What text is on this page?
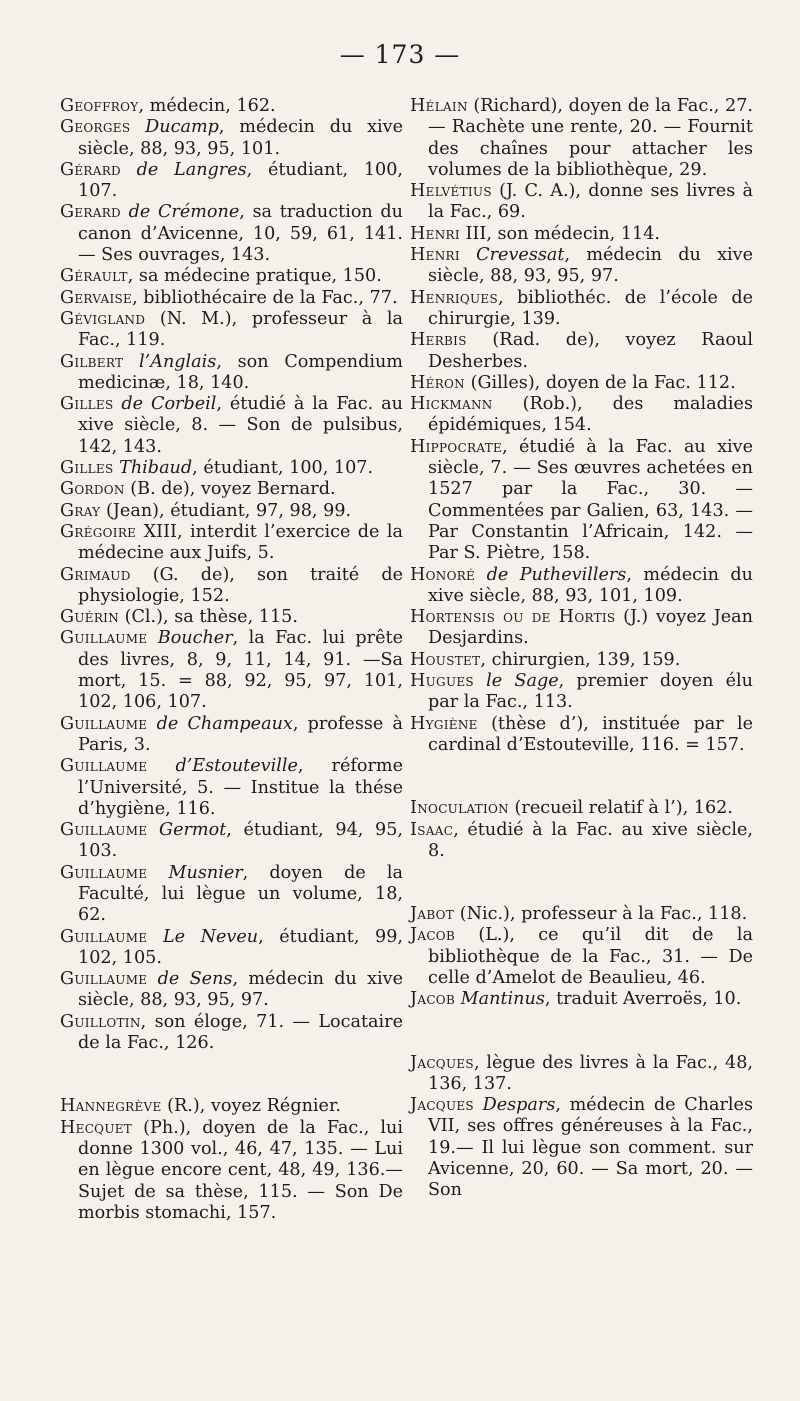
— 173 —
Geoffroy, médecin, 162.
Georges Ducamp, médecin du xive siècle, 88, 93, 95, 101.
Gérard de Langres, étudiant, 100, 107.
Gerard de Crémone, sa traduction du canon d’Avicenne, 10, 59, 61, 141. — Ses ouvrages, 143.
Gérault, sa médecine pratique, 150.
Gervaise, bibliothécaire de la Fac., 77.
Gévigland (N. M.), professeur à la Fac., 119.
Gilbert l’Anglais, son Compendium medicinæ, 18, 140.
Gilles de Corbeil, étudié à la Fac. au xive siècle, 8. — Son de pulsibus, 142, 143.
Gilles Thibaud, étudiant, 100, 107.
Gordon (B. de), voyez Bernard.
Gray (Jean), étudiant, 97, 98, 99.
Grégoire XIII, interdit l’exercice de la médecine aux Juifs, 5.
Grimaud (G. de), son traité de physiologie, 152.
Guérin (Cl.), sa thèse, 115.
Guillaume Boucher, la Fac. lui prête des livres, 8, 9, 11, 14, 91. —Sa mort, 15. = 88, 92, 95, 97, 101, 102, 106, 107.
Guillaume de Champeaux, professe à Paris, 3.
Guillaume d’Estouteville, réforme l’Université, 5. — Institue la thése d’hygiène, 116.
Guillaume Germot, étudiant, 94, 95, 103.
Guillaume Musnier, doyen de la Faculté, lui lègue un volume, 18, 62.
Guillaume Le Neveu, étudiant, 99, 102, 105.
Guillaume de Sens, médecin du xive siècle, 88, 93, 95, 97.
Guillotin, son éloge, 71. — Locataire de la Fac., 126.
Hannegrève (R.), voyez Régnier.
Hecquet (Ph.), doyen de la Fac., lui donne 1300 vol., 46, 47, 135. — Lui en lègue encore cent, 48, 49, 136.—Sujet de sa thèse, 115. — Son De morbis stomachi, 157.
Hélain (Richard), doyen de la Fac., 27. — Rachète une rente, 20. — Fournit des chaînes pour attacher les volumes de la bibliothèque, 29.
Helvétius (J. C. A.), donne ses livres à la Fac., 69.
Henri III, son médecin, 114.
Henri Crevessat, médecin du xive siècle, 88, 93, 95, 97.
Henriques, bibliothéc. de l’école de chirurgie, 139.
Herbis (Rad. de), voyez Raoul Desherbes.
Héron (Gilles), doyen de la Fac. 112.
Hickmann (Rob.), des maladies épidémiques, 154.
Hippocrate, étudié à la Fac. au xive siècle, 7. — Ses œuvres achetées en 1527 par la Fac., 30. — Commentées par Galien, 63, 143. — Par Constantin l’Africain, 142. — Par S. Piètre, 158.
Honoré de Puthevillers, médecin du xive siècle, 88, 93, 101, 109.
Hortensis ou de Hortis (J.) voyez Jean Desjardins.
Houstet, chirurgien, 139, 159.
Hugues le Sage, premier doyen élu par la Fac., 113.
Hygiène (thèse d’), instituée par le cardinal d’Estouteville, 116. = 157.
Inoculation (recueil relatif à l’), 162.
Isaac, étudié à la Fac. au xive siècle, 8.
Jabot (Nic.), professeur à la Fac., 118.
Jacob (L.), ce qu’il dit de la bibliothèque de la Fac., 31. — De celle d’Amelot de Beaulieu, 46.
Jacob Mantinus, traduit Averroës, 10.
Jacques, lègue des livres à la Fac., 48, 136, 137.
Jacques Despars, médecin de Charles VII, ses offres généreuses à la Fac., 19.— Il lui lègue son comment. sur Avicenne, 20, 60. — Sa mort, 20. — Son
